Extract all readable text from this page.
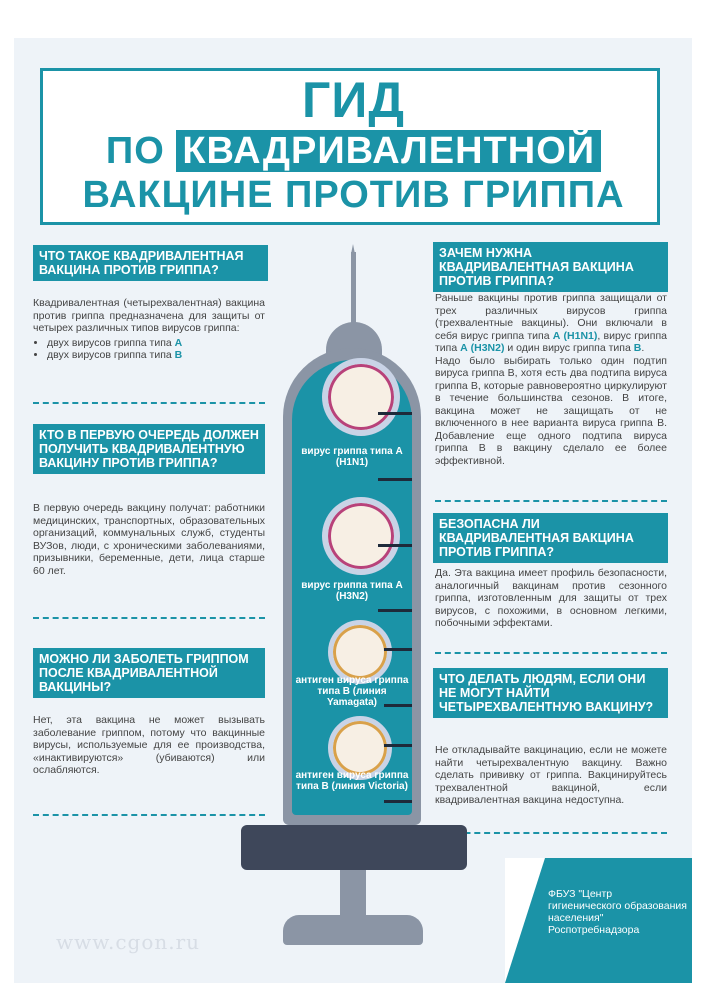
ГИД
ПО КВАДРИВАЛЕНТНОЙ
ВАКЦИНЕ ПРОТИВ ГРИППА
ЧТО ТАКОЕ КВАДРИВАЛЕНТНАЯ ВАКЦИНА ПРОТИВ ГРИППА?
Квадривалентная (четырехвалентная) вакцина против гриппа предназначена для защиты от четырех различных типов вирусов гриппа:
• двух вирусов гриппа типа А
• двух вирусов гриппа типа В
КТО В ПЕРВУЮ ОЧЕРЕДЬ ДОЛЖЕН ПОЛУЧИТЬ КВАДРИВАЛЕНТНУЮ ВАКЦИНУ ПРОТИВ ГРИППА?
В первую очередь вакцину получат: работники медицинских, транспортных, образовательных организаций, коммунальных служб, студенты ВУЗов, люди, с хроническими заболеваниями, призывники, беременные, дети, лица старше 60 лет.
МОЖНО ЛИ ЗАБОЛЕТЬ ГРИППОМ ПОСЛЕ КВАДРИВАЛЕНТНОЙ ВАКЦИНЫ?
Нет, эта вакцина не может вызывать заболевание гриппом, потому что вакцинные вирусы, используемые для ее производства, «инактивируются» (убиваются) или ослабляются.
ЗАЧЕМ НУЖНА КВАДРИВАЛЕНТНАЯ ВАКЦИНА ПРОТИВ ГРИППА?
Раньше вакцины против гриппа защищали от трех различных вирусов гриппа (трехвалентные вакцины). Они включали в себя вирус гриппа типа А (H1N1), вирус гриппа типа А (H3N2) и один вирус гриппа типа В.
Надо было выбирать только один подтип вируса гриппа В, хотя есть два подтипа вируса гриппа В, которые равновероятно циркулируют в течение большинства сезонов. В итоге, вакцина может не защищать от не включенного в нее варианта вируса гриппа В. Добавление еще одного подтипа вируса гриппа В в вакцину сделало ее более эффективной.
БЕЗОПАСНА ЛИ КВАДРИВАЛЕНТНАЯ ВАКЦИНА ПРОТИВ ГРИППА?
Да. Эта вакцина имеет профиль безопасности, аналогичный вакцинам против сезонного гриппа, изготовленным для защиты от трех вирусов, с похожими, в основном легкими, побочными эффектами.
ЧТО ДЕЛАТЬ ЛЮДЯМ, ЕСЛИ ОНИ НЕ МОГУТ НАЙТИ ЧЕТЫРЕХВАЛЕНТНУЮ ВАКЦИНУ?
Не откладывайте вакцинацию, если не можете найти четырехвалентную вакцину. Важно сделать прививку от гриппа. Вакцинируйтесь трехвалентной вакциной, если квадривалентная вакцина недоступна.
вирус гриппа типа А (H1N1)
вирус гриппа типа А (H3N2)
антиген вируса гриппа типа В (линия Yamagata)
антиген вируса гриппа типа В (линия Victoria)
ФБУЗ "Центр гигиенического образования населения" Роспотребнадзора
www.cgon.ru
